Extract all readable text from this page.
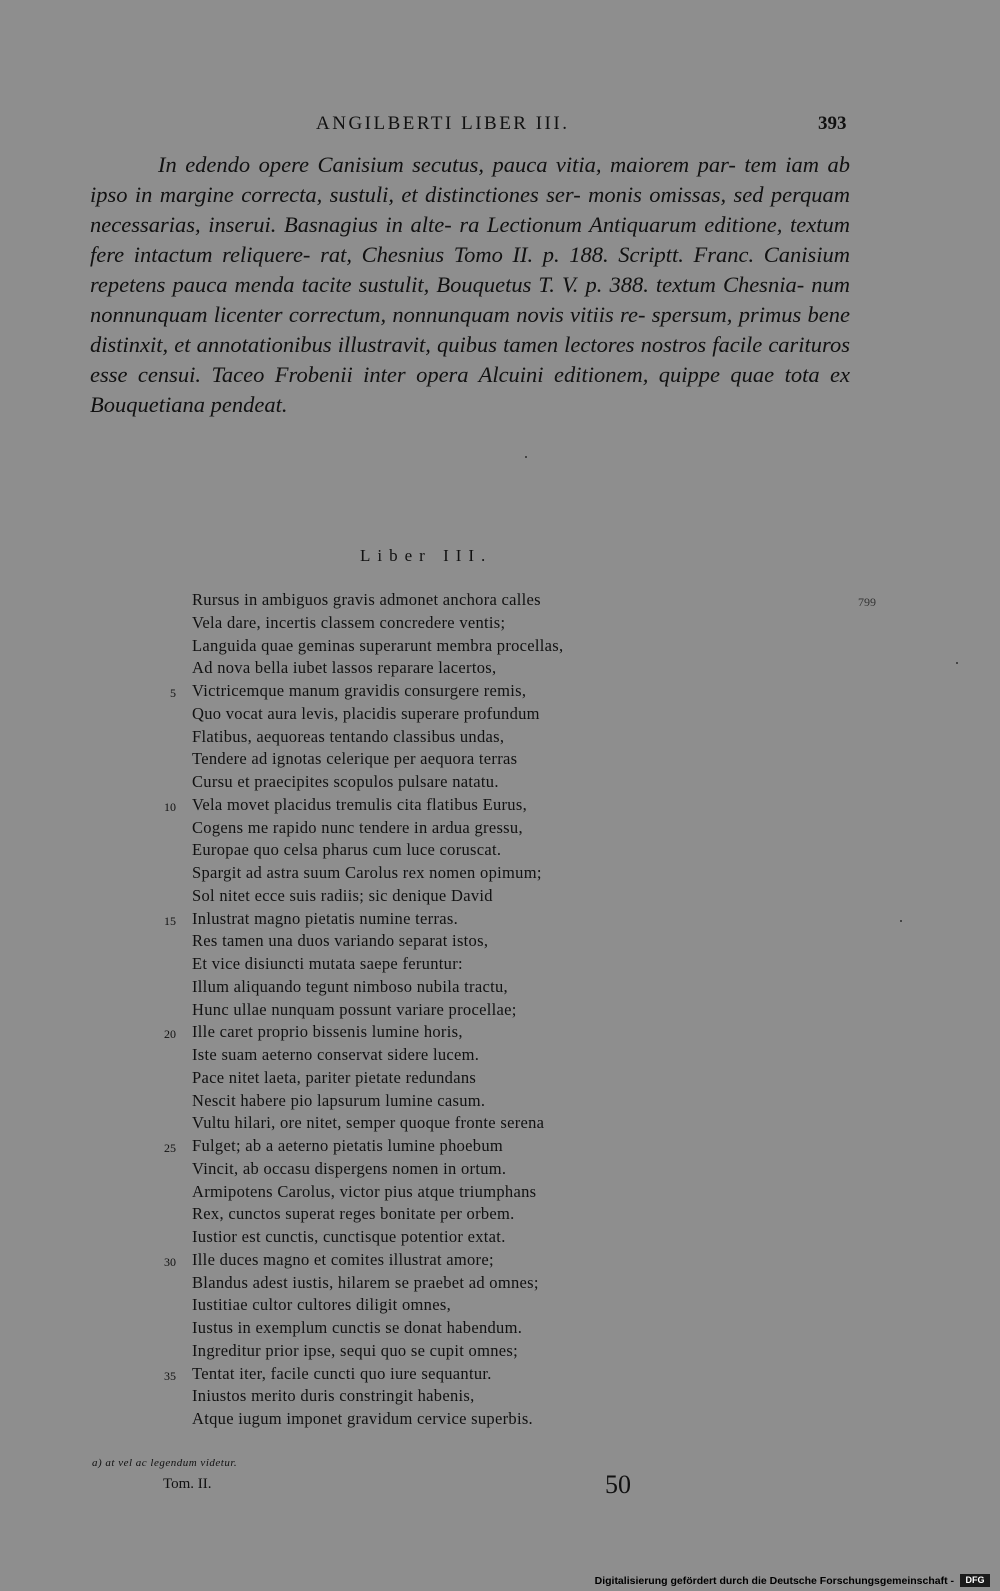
ANGILBERTI LIBER III.	393
In edendo opere Canisium secutus, pauca vitia, maiorem par- tem iam ab ipso in margine correcta, sustuli, et distinctiones ser- monis omissas, sed perquam necessarias, inserui. Basnagius in alte- ra Lectionum Antiquarum editione, textum fere intactum reliquere- rat, Chesnius Tomo II. p. 188. Scriptt. Franc. Canisium repetens pauca menda tacite sustulit, Bouquetus T. V. p. 388. textum Chesnia- num nonnunquam licenter correctum, nonnunquam novis vitiis re- spersum, primus bene distinxit, et annotationibus illustravit, quibus tamen lectores nostros facile carituros esse censui. Taceo Frobenii inter opera Alcuini editionem, quippe quae tota ex Bouquetiana pendeat.
Liber III.
799
Rursus in ambiguos gravis admonet anchora calles
Vela dare, incertis classem concredere ventis;
Languida quae geminas superarunt membra procellas,
Ad nova bella iubet lassos reparare lacertos,
5 Victricemque manum gravidis consurgere remis,
Quo vocat aura levis, placidis superare profundum
Flatibus, aequoreas tentando classibus undas,
Tendere ad ignotas celerique per aequora terras
Cursu et praecipites scopulos pulsare natatu.
10 Vela movet placidus tremulis cita flatibus Eurus,
Cogens me rapido nunc tendere in ardua gressu,
Europae quo celsa pharus cum luce coruscat.
Spargit ad astra suum Carolus rex nomen opimum;
Sol nitet ecce suis radiis; sic denique David
15 Inlustrat magno pietatis numine terras.
Res tamen una duos variando separat istos,
Et vice disiuncti mutata saepe feruntur:
Illum aliquando tegunt nimboso nubila tractu,
Hunc ullae nunquam possunt variare procellae;
20 Ille caret proprio bissenis lumine horis,
Iste suam aeterno conservat sidere lucem.
Pace nitet laeta, pariter pietate redundans
Nescit habere pio lapsurum lumine casum.
Vultu hilari, ore nitet, semper quoque fronte serena
25 Fulget; ab a aeterno pietatis lumine phoebum
Vincit, ab occasu dispergens nomen in ortum.
Armipotens Carolus, victor pius atque triumphans
Rex, cunctos superat reges bonitate per orbem.
Iustior est cunctis, cunctisque potentior extat.
30 Ille duces magno et comites illustrat amore;
Blandus adest iustis, hilarem se praebet ad omnes;
Iustitiae cultor cultores diligit omnes,
Iustus in exemplum cunctis se donat habendum.
Ingreditur prior ipse, sequi quo se cupit omnes;
35 Tentat iter, facile cuncti quo iure sequantur.
Iniustos merito duris constringit habenis,
Atque iugum imponet gravidum cervice superbis.
a) at vel ac legendum videtur.
Tom. II.	50
Digitalisierung gefördert durch die Deutsche Forschungsgemeinschaft -	DFG
